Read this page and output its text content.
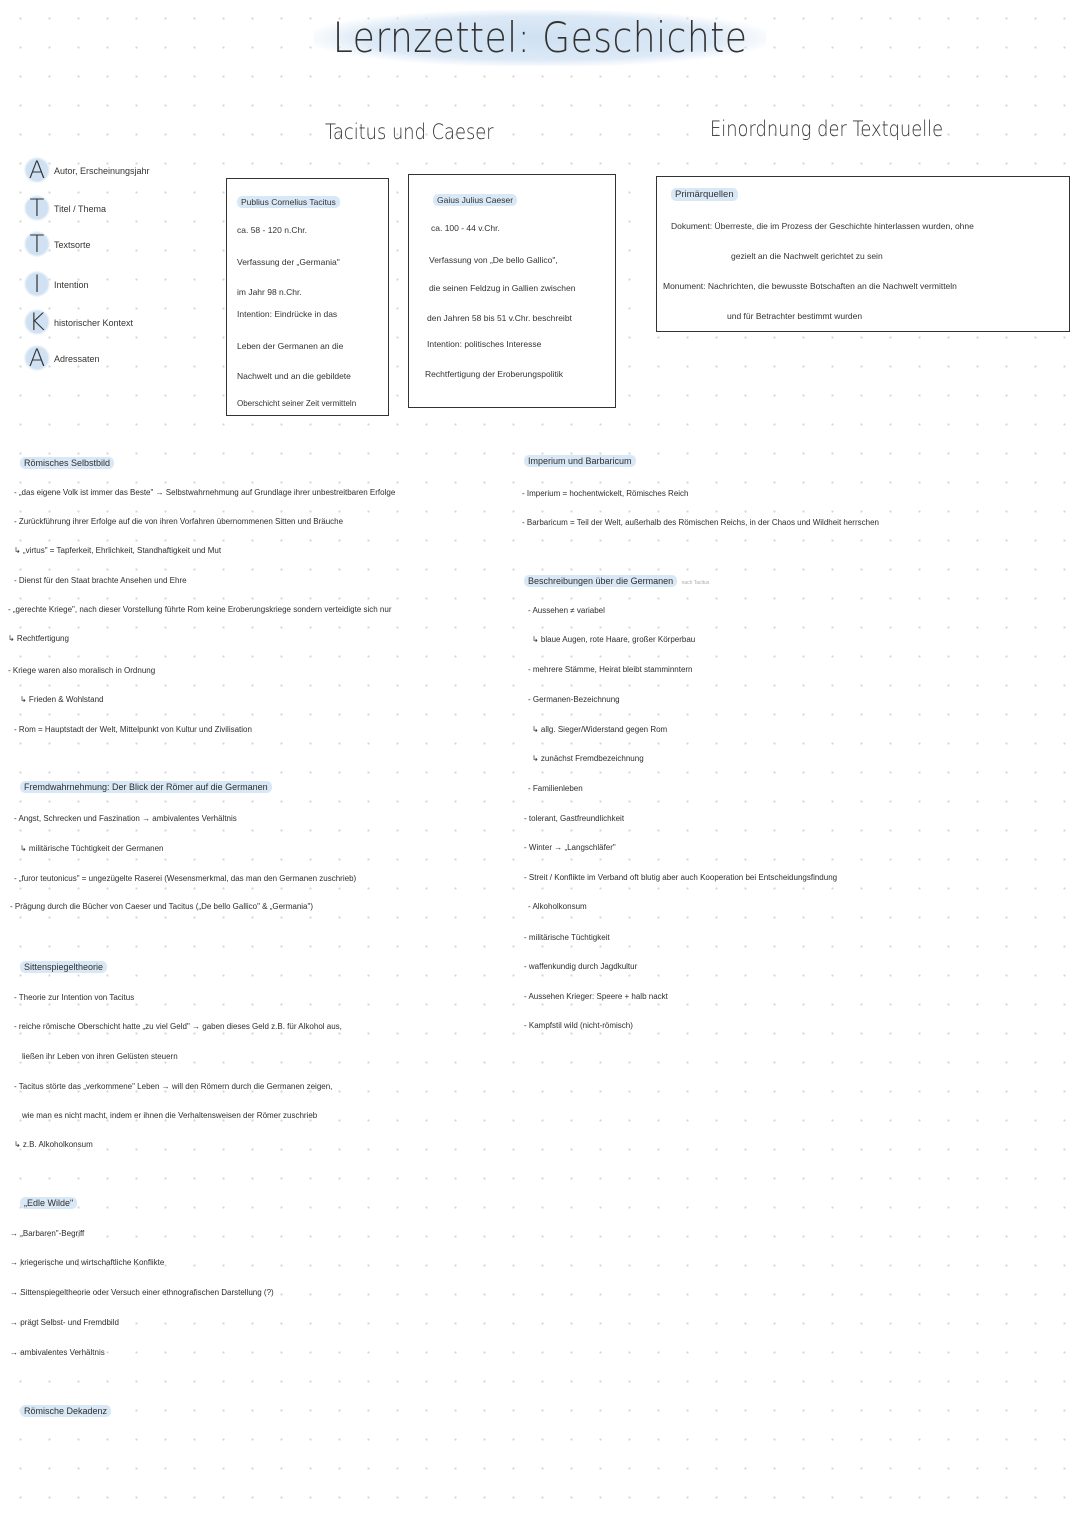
Lernzettel: Geschichte
Tacitus und Caeser	Einordnung der Textquelle
A $^{Autor, Erscheinungsjahr}$
T $^{Titel / Thema}$
T $^{Textsorte}$
I $^{Intention}$
K $^{historischer Kontext}$
A $^{Adressaten}$
Publius Cornelius Tacitus
ca. 58 - 120 n.Chr.
Verfassung der „Germania"
im Jahr 98 n.Chr.
Intention: Eindrücke in das
Leben der Germanen an die
Nachwelt und an die gebildete
Oberschicht seiner Zeit vermitteln
Gaius Julius Caeser
ca. 100 - 44 v.Chr.
Verfassung von „De bello Gallico",
die seinen Feldzug in Gallien zwischen
den Jahren 58 bis 51 v.Chr. beschreibt
Intention: politisches Interesse
Rechtfertigung der Eroberungspolitik
Primärquellen
Dokument: Überreste, die im Prozess der Geschichte hinterlassen wurden, ohne
gezielt an die Nachwelt gerichtet zu sein
Monument: Nachrichten, die bewusste Botschaften an die Nachwelt vermitteln
und für Betrachter bestimmt wurden
Römisches Selbstbild
- „das eigene Volk ist immer das Beste" → Selbstwahrnehmung auf Grundlage ihrer unbestreitbaren Erfolge
- Zurückführung ihrer Erfolge auf die von ihren Vorfahren übernommenen Sitten und Bräuche
↳ „virtus" = Tapferkeit, Ehrlichkeit, Standhaftigkeit und Mut
- Dienst für den Staat brachte Ansehen und Ehre
- „gerechte Kriege", nach dieser Vorstellung führte Rom keine Eroberungskriege sondern verteidigte sich nur
↳ Rechtfertigung
- Kriege waren also moralisch in Ordnung
↳ Frieden & Wohlstand
- Rom = Hauptstadt der Welt, Mittelpunkt von Kultur und Zivilisation
Fremdwahrnehmung: Der Blick der Römer auf die Germanen
- Angst, Schrecken und Faszination → ambivalentes Verhältnis
↳ militärische Tüchtigkeit der Germanen
- „furor teutonicus" = ungezügelte Raserei (Wesensmerkmal, das man den Germanen zuschrieb)
- Prägung durch die Bücher von Caeser und Tacitus („De bello Gallico" & „Germania")
Sittenspiegeltheorie
- Theorie zur Intention von Tacitus
- reiche römische Oberschicht hatte „zu viel Geld" → gaben dieses Geld z.B. für Alkohol aus,
ließen ihr Leben von ihren Gelüsten steuern
- Tacitus störte das „verkommene" Leben → will den Römern durch die Germanen zeigen,
wie man es nicht macht, indem er ihnen die Verhaltensweisen der Römer zuschrieb
↳ z.B. Alkoholkonsum
„Edle Wilde"
→ „Barbaren"-Begriff
→ kriegerische und wirtschaftliche Konflikte
→ Sittenspiegeltheorie oder Versuch einer ethnografischen Darstellung (?)
→ prägt Selbst- und Fremdbild
→ ambivalentes Verhältnis
Römische Dekadenz
Imperium und Barbaricum
- Imperium = hochentwickelt, Römisches Reich
- Barbaricum = Teil der Welt, außerhalb des Römischen Reichs, in der Chaos und Wildheit herrschen
Beschreibungen über die Germanen nach Tacitus
- Aussehen ≠ variabel
↳ blaue Augen, rote Haare, großer Körperbau
- mehrere Stämme, Heirat bleibt stamminntern
- Germanen-Bezeichnung
↳ allg. Sieger/Widerstand gegen Rom
↳ zunächst Fremdbezeichnung
- Familienleben
- tolerant, Gastfreundlichkeit
- Winter → „Langschläfer"
- Streit / Konflikte im Verband oft blutig aber auch Kooperation bei Entscheidungsfindung
- Alkoholkonsum
- militärische Tüchtigkeit
- waffenkundig durch Jagdkultur
- Aussehen Krieger: Speere + halb nackt
- Kampfstil wild (nicht-römisch)
